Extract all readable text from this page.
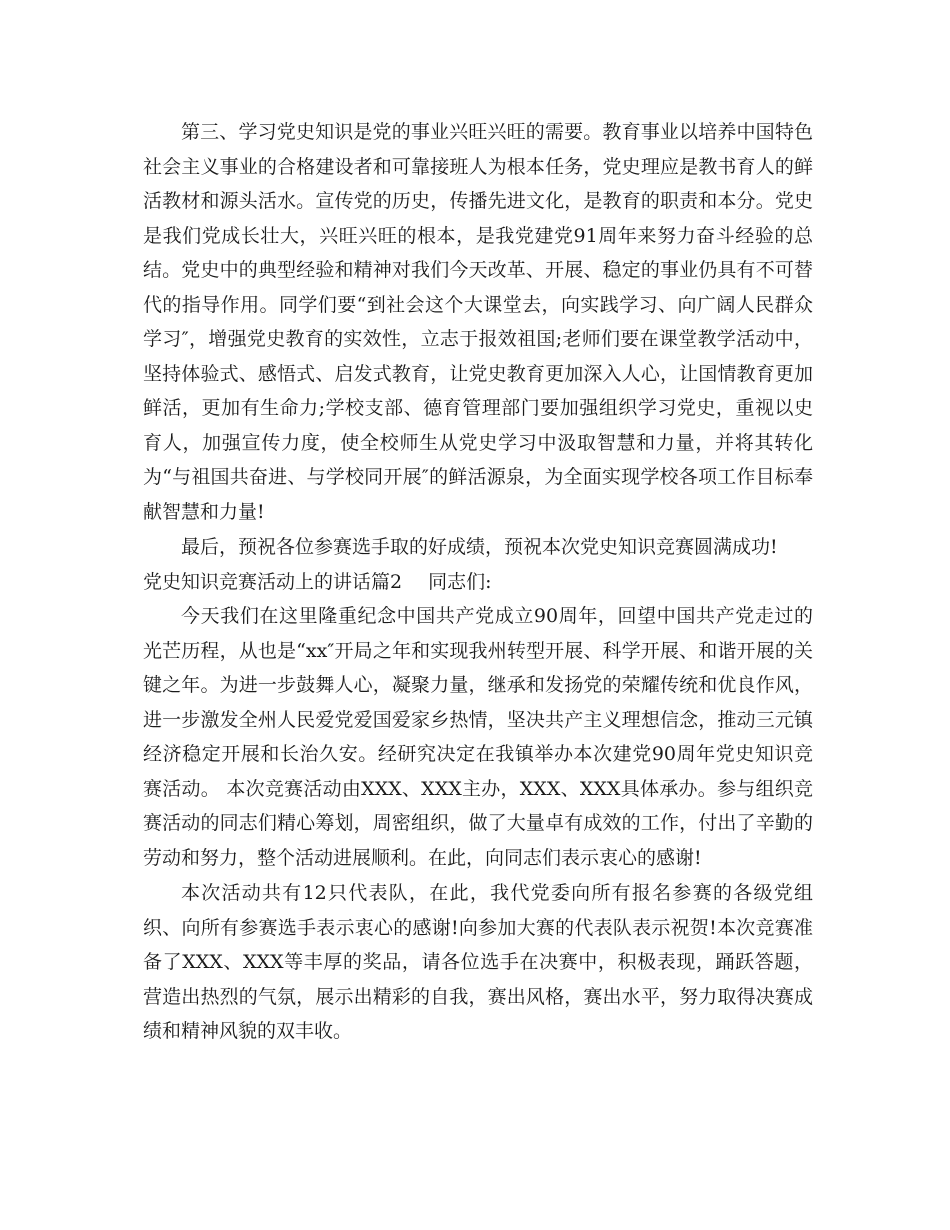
第三、学习党史知识是党的事业兴旺兴旺的需要。教育事业以培养中国特色社会主义事业的合格建设者和可靠接班人为根本任务，党史理应是教书育人的鲜活教材和源头活水。宣传党的历史，传播先进文化，是教育的职责和本分。党史是我们党成长壮大，兴旺兴旺的根本，是我党建党91周年来努力奋斗经验的总结。党史中的典型经验和精神对我们今天改革、开展、稳定的事业仍具有不可替代的指导作用。同学们要“到社会这个大课堂去，向实践学习、向广阔人民群众学习″，增强党史教育的实效性，立志于报效祖国;老师们要在课堂教学活动中，坚持体验式、感悟式、启发式教育，让党史教育更加深入人心，让国情教育更加鲜活，更加有生命力;学校支部、德育管理部门要加强组织学习党史，重视以史育人，加强宣传力度，使全校师生从党史学习中汲取智慧和力量，并将其转化为“与祖国共奋进、与学校同开展″的鲜活源泉，为全面实现学校各项工作目标奉献智慧和力量!

最后，预祝各位参赛选手取的好成绩，预祝本次党史知识竞赛圆满成功!

党史知识竞赛活动上的讲话篇2 同志们:

今天我们在这里隆重纪念中国共产党成立90周年，回望中国共产党走过的光芒历程，从也是“xx″开局之年和实现我州转型开展、科学开展、和谐开展的关键之年。为进一步鼓舞人心，凝聚力量，继承和发扬党的荣耀传统和优良作风，进一步激发全州人民爱党爱国爱家乡热情，坚决共产主义理想信念，推动三元镇经济稳定开展和长治久安。经研究决定在我镇举办本次建党90周年党史知识竞赛活动。 本次竞赛活动由XXX、XXX主办，XXX、XXX具体承办。参与组织竞赛活动的同志们精心筹划，周密组织，做了大量卓有成效的工作，付出了辛勤的劳动和努力，整个活动进展顺利。在此，向同志们表示衷心的感谢!

本次活动共有12只代表队，在此，我代党委向所有报名参赛的各级党组织、向所有参赛选手表示衷心的感谢!向参加大赛的代表队表示祝贺!本次竞赛准备了XXX、XXX等丰厚的奖品，请各位选手在决赛中，积极表现，踊跃答题，营造出热烈的气氛，展示出精彩的自我，赛出风格，赛出水平，努力取得决赛成绩和精神风貌的双丰收。
